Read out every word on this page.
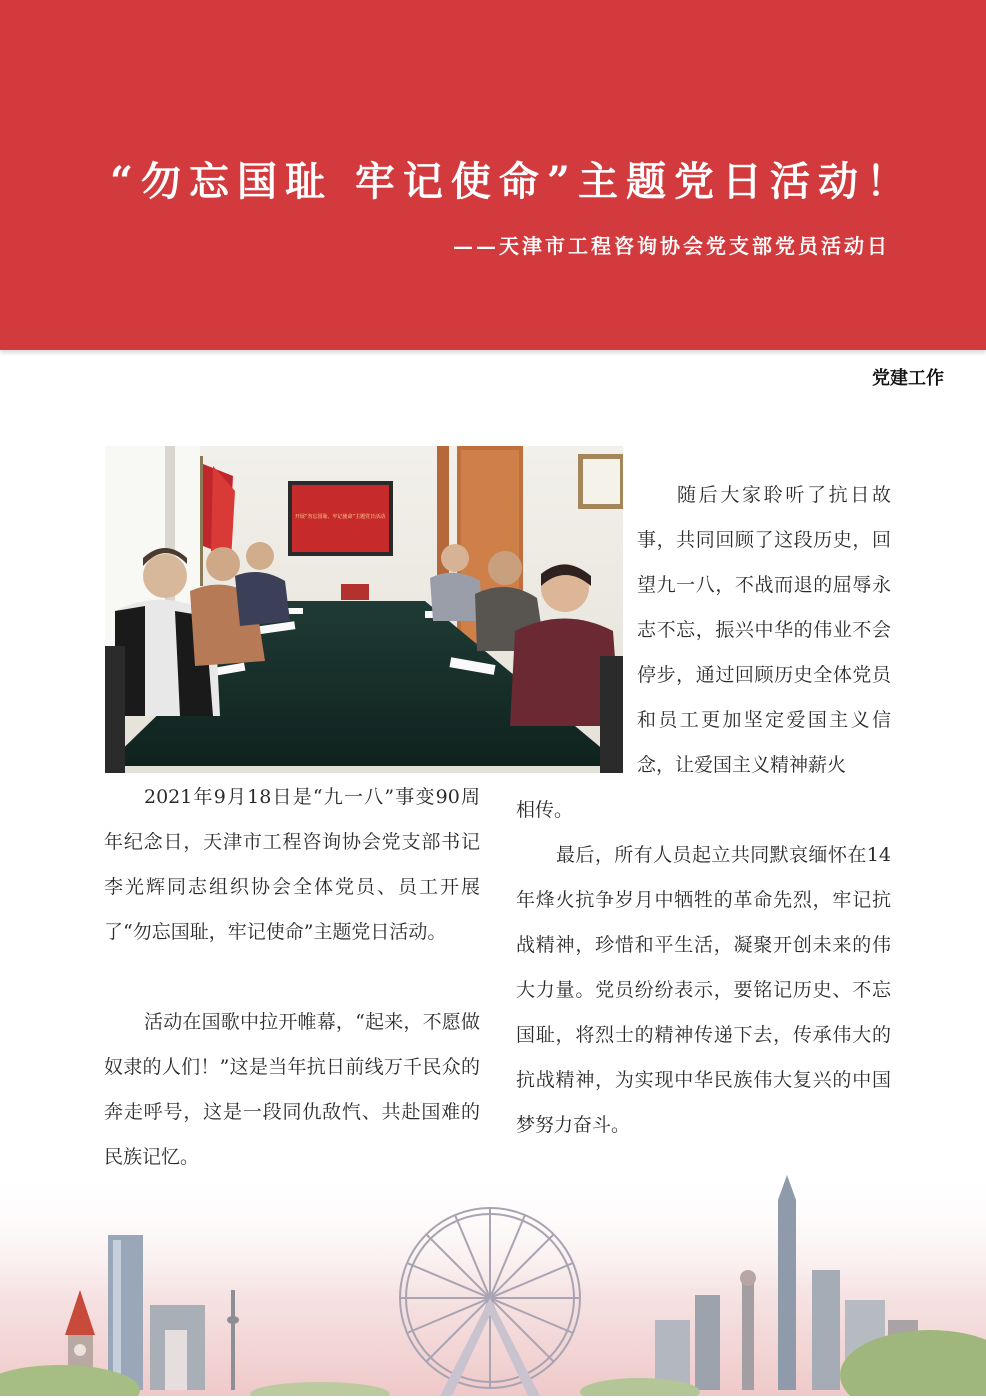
“勿忘国耻 牢记使命”主题党日活动！
——天津市工程咨询协会党支部党员活动日
党建工作
开展“勿忘国耻、牢记使命”主题党日活动

2021年9月18日是“九一八”事变90周年纪念日，天津市工程咨询协会党支部书记李光辉同志组织协会全体党员、员工开展了“勿忘国耻，牢记使命”主题党日活动。

活动在国歌中拉开帷幕，“起来，不愿做奴隶的人们！”这是当年抗日前线万千民众的奔走呼号，这是一段同仇敌忾、共赴国难的民族记忆。

随后大家聆听了抗日故事，共同回顾了这段历史，回望九一八，不战而退的屈辱永志不忘，振兴中华的伟业不会停步，通过回顾历史全体党员和员工更加坚定爱国主义信念，让爱国主义精神薪火

相传。

最后，所有人员起立共同默哀缅怀在14年烽火抗争岁月中牺牲的革命先烈，牢记抗战精神，珍惜和平生活，凝聚开创未来的伟大力量。党员纷纷表示，要铭记历史、不忘国耻，将烈士的精神传递下去，传承伟大的抗战精神，为实现中华民族伟大复兴的中国梦努力奋斗。
